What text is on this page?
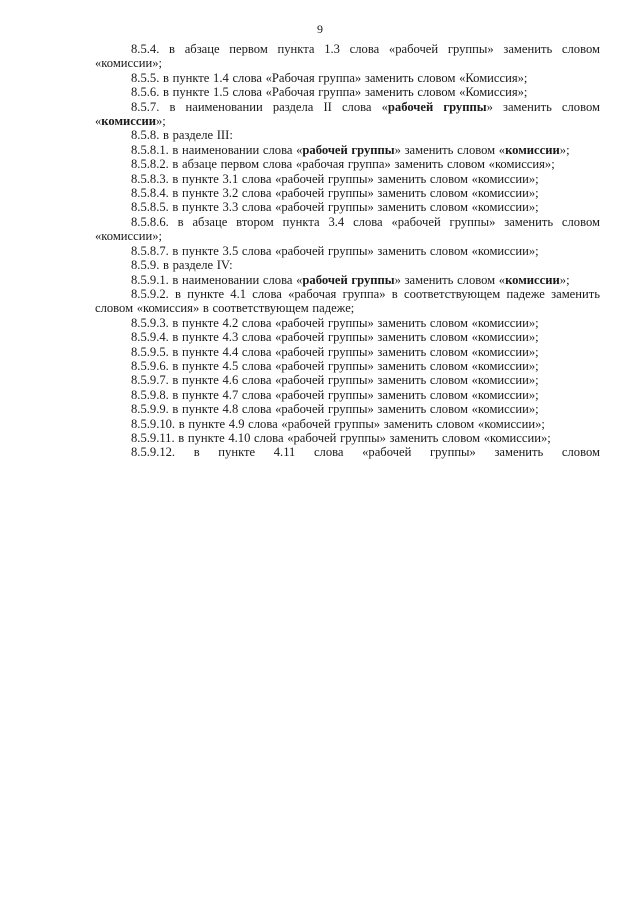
9

8.5.4. в абзаце первом пункта 1.3 слова «рабочей группы» заменить словом «комиссии»;

8.5.5. в пункте 1.4 слова «Рабочая группа» заменить словом «Комиссия»;

8.5.6. в пункте 1.5 слова «Рабочая группа» заменить словом «Комиссия»;

8.5.7. в наименовании раздела II слова «рабочей группы» заменить словом «комиссии»;

8.5.8. в разделе III:

8.5.8.1. в наименовании слова «рабочей группы» заменить словом «комиссии»;

8.5.8.2. в абзаце первом слова «рабочая группа» заменить словом «комиссия»;

8.5.8.3. в пункте 3.1 слова «рабочей группы» заменить словом «комиссии»;

8.5.8.4. в пункте 3.2 слова «рабочей группы» заменить словом «комиссии»;

8.5.8.5. в пункте 3.3 слова «рабочей группы» заменить словом «комиссии»;

8.5.8.6. в абзаце втором пункта 3.4 слова «рабочей группы» заменить словом «комиссии»;

8.5.8.7. в пункте 3.5 слова «рабочей группы» заменить словом «комиссии»;

8.5.9. в разделе IV:

8.5.9.1. в наименовании слова «рабочей группы» заменить словом «комиссии»;

8.5.9.2. в пункте 4.1 слова «рабочая группа» в соответствующем падеже заменить словом «комиссия» в соответствующем падеже;

8.5.9.3. в пункте 4.2 слова «рабочей группы» заменить словом «комиссии»;

8.5.9.4. в пункте 4.3 слова «рабочей группы» заменить словом «комиссии»;

8.5.9.5. в пункте 4.4 слова «рабочей группы» заменить словом «комиссии»;

8.5.9.6. в пункте 4.5 слова «рабочей группы» заменить словом «комиссии»;

8.5.9.7. в пункте 4.6 слова «рабочей группы» заменить словом «комиссии»;

8.5.9.8. в пункте 4.7 слова «рабочей группы» заменить словом «комиссии»;

8.5.9.9. в пункте 4.8 слова «рабочей группы» заменить словом «комиссии»;

8.5.9.10. в пункте 4.9 слова «рабочей группы» заменить словом «комиссии»;

8.5.9.11. в пункте 4.10 слова «рабочей группы» заменить словом «комиссии»;

8.5.9.12. в пункте 4.11 слова «рабочей группы» заменить словом
